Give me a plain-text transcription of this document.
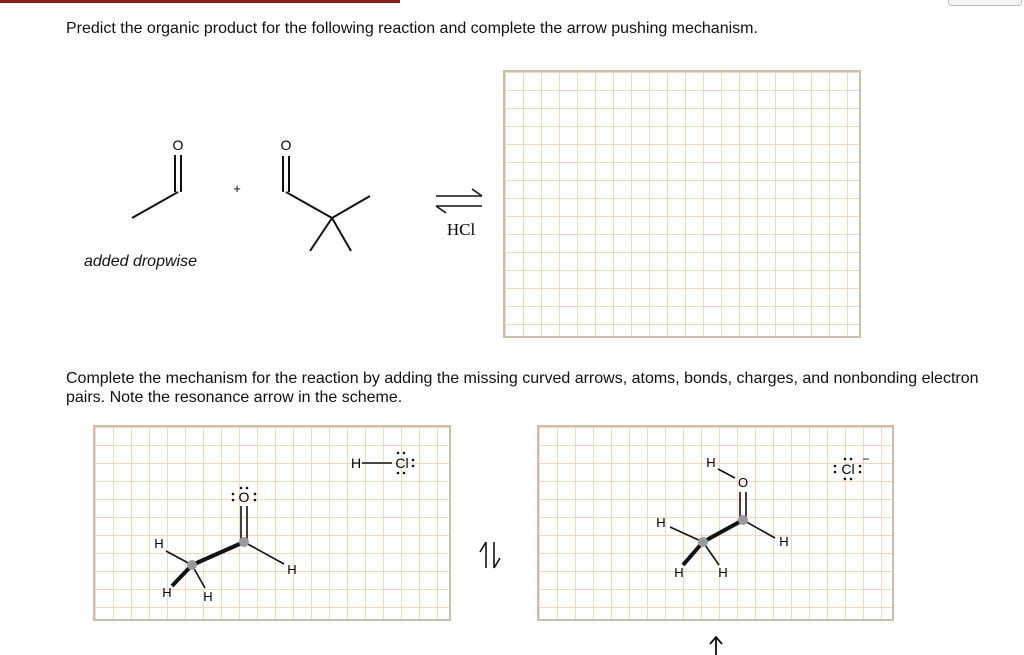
Predict the organic product for the following reaction and complete the arrow pushing mechanism.

added dropwise

Complete the mechanism for the reaction by adding the missing curved arrows, atoms, bonds, charges, and nonbonding electron pairs. Note the resonance arrow in the scheme.

O
+
O
HCl
H Cl
O
H
H H
H
H
O
H
H	H
H
Cl
−
